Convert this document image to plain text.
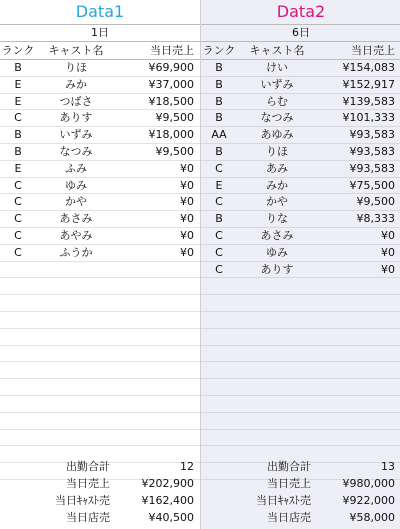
Data1
1日
ランク	キャスト名	当日売上
B	りほ	¥69,900
E	みか	¥37,000
E	つばさ	¥18,500
C	ありす	¥9,500
B	いずみ	¥18,000
B	なつみ	¥9,500
E	ふみ	¥0
C	ゆみ	¥0
C	かや	¥0
C	あさみ	¥0
C	あやみ	¥0
C	ふうか	¥0
出勤合計	12
当日売上	¥202,900
当日ｷｬｽﾄ売	¥162,400
当日店売	¥40,500
Data2
6日
ランク	キャスト名	当日売上
B	けい	¥154,083
B	いずみ	¥152,917
B	らむ	¥139,583
B	なつみ	¥101,333
AA	あゆみ	¥93,583
B	りほ	¥93,583
C	あみ	¥93,583
E	みか	¥75,500
C	かや	¥9,500
B	りな	¥8,333
C	あさみ	¥0
C	ゆみ	¥0
C	ありす	¥0
出勤合計	13
当日売上	¥980,000
当日ｷｬｽﾄ売	¥922,000
当日店売	¥58,000
